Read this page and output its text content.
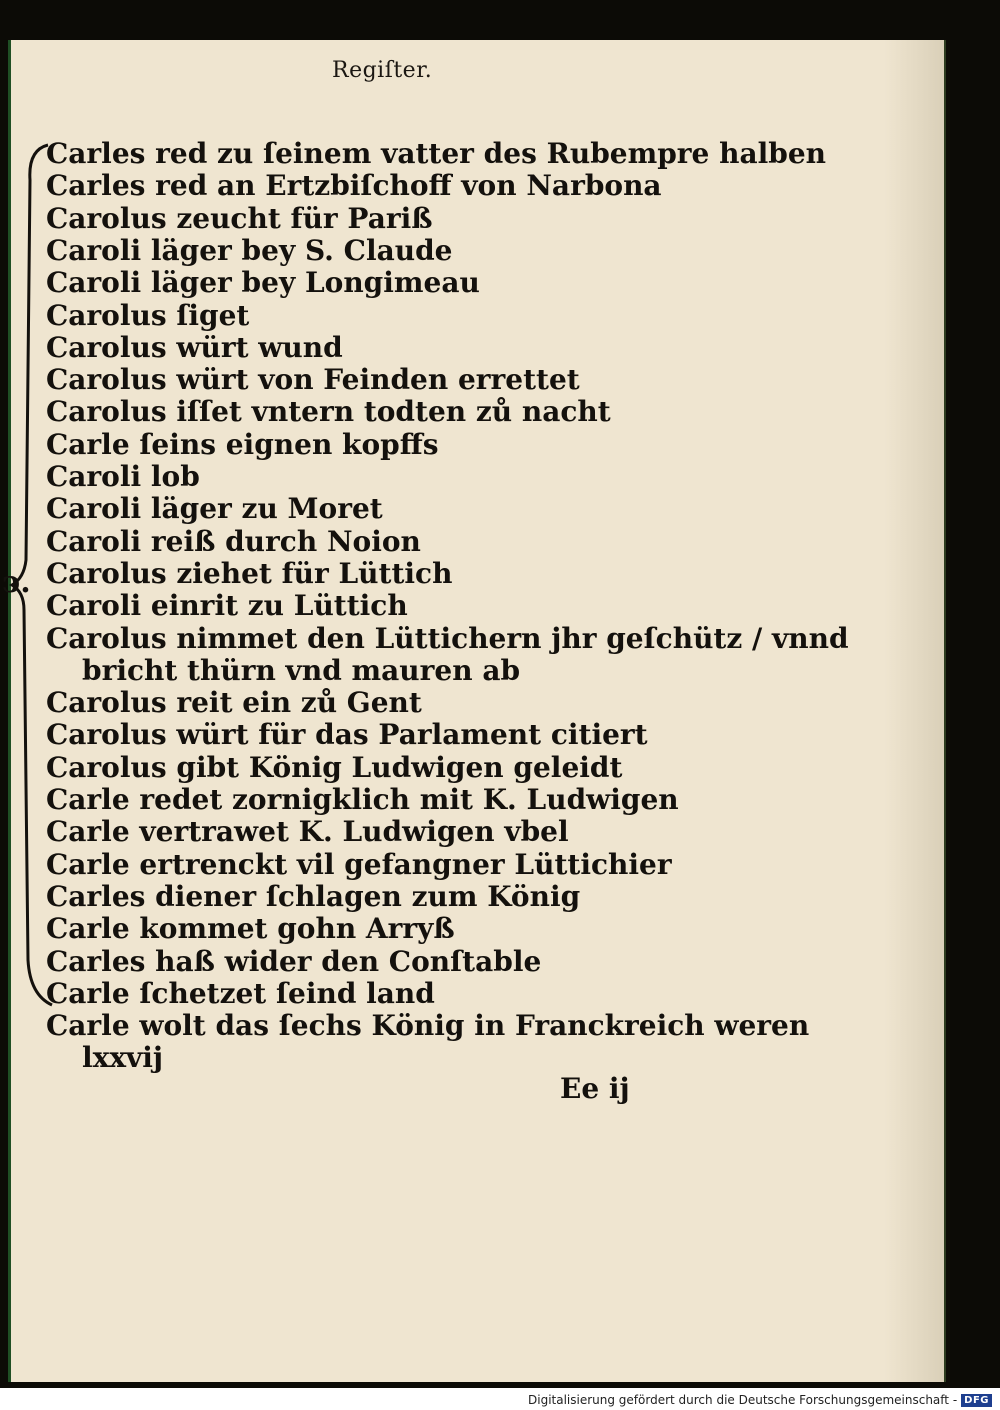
Regiſter.
ↄ.
Carles red zu ſeinem vatter des Rubempre halben
Carles red an Ertzbiſchoff von Narbona
Carolus zeucht für Pariß
Caroli läger bey S. Claude
Caroli läger bey Longimeau
Carolus ſiget
Carolus würt wund
Carolus würt von Feinden errettet
Carolus iſſet vntern todten zů nacht
Carle ſeins eignen kopffs
Caroli lob
Caroli läger zu Moret
Caroli reiß durch Noion
Carolus ziehet für Lüttich
Caroli einrit zu Lüttich
Carolus nimmet den Lüttichern jhr geſchütz / vnnd
bricht thürn vnd mauren ab
Carolus reit ein zů Gent
Carolus würt für das Parlament citiert
Carolus gibt König Ludwigen geleidt
Carle redet zornigklich mit K. Ludwigen
Carle vertrawet K. Ludwigen vbel
Carle ertrenckt vil gefangner Lüttichier
Carles diener ſchlagen zum König
Carle kommet gohn Arryß
Carles haß wider den Conſtable
Carle ſchetzet ſeind land
Carle wolt das ſechs König in Franckreich weren
lxxvij
Ee ij
Digitalisierung gefördert durch die Deutsche Forschungsgemeinschaft - DFG
